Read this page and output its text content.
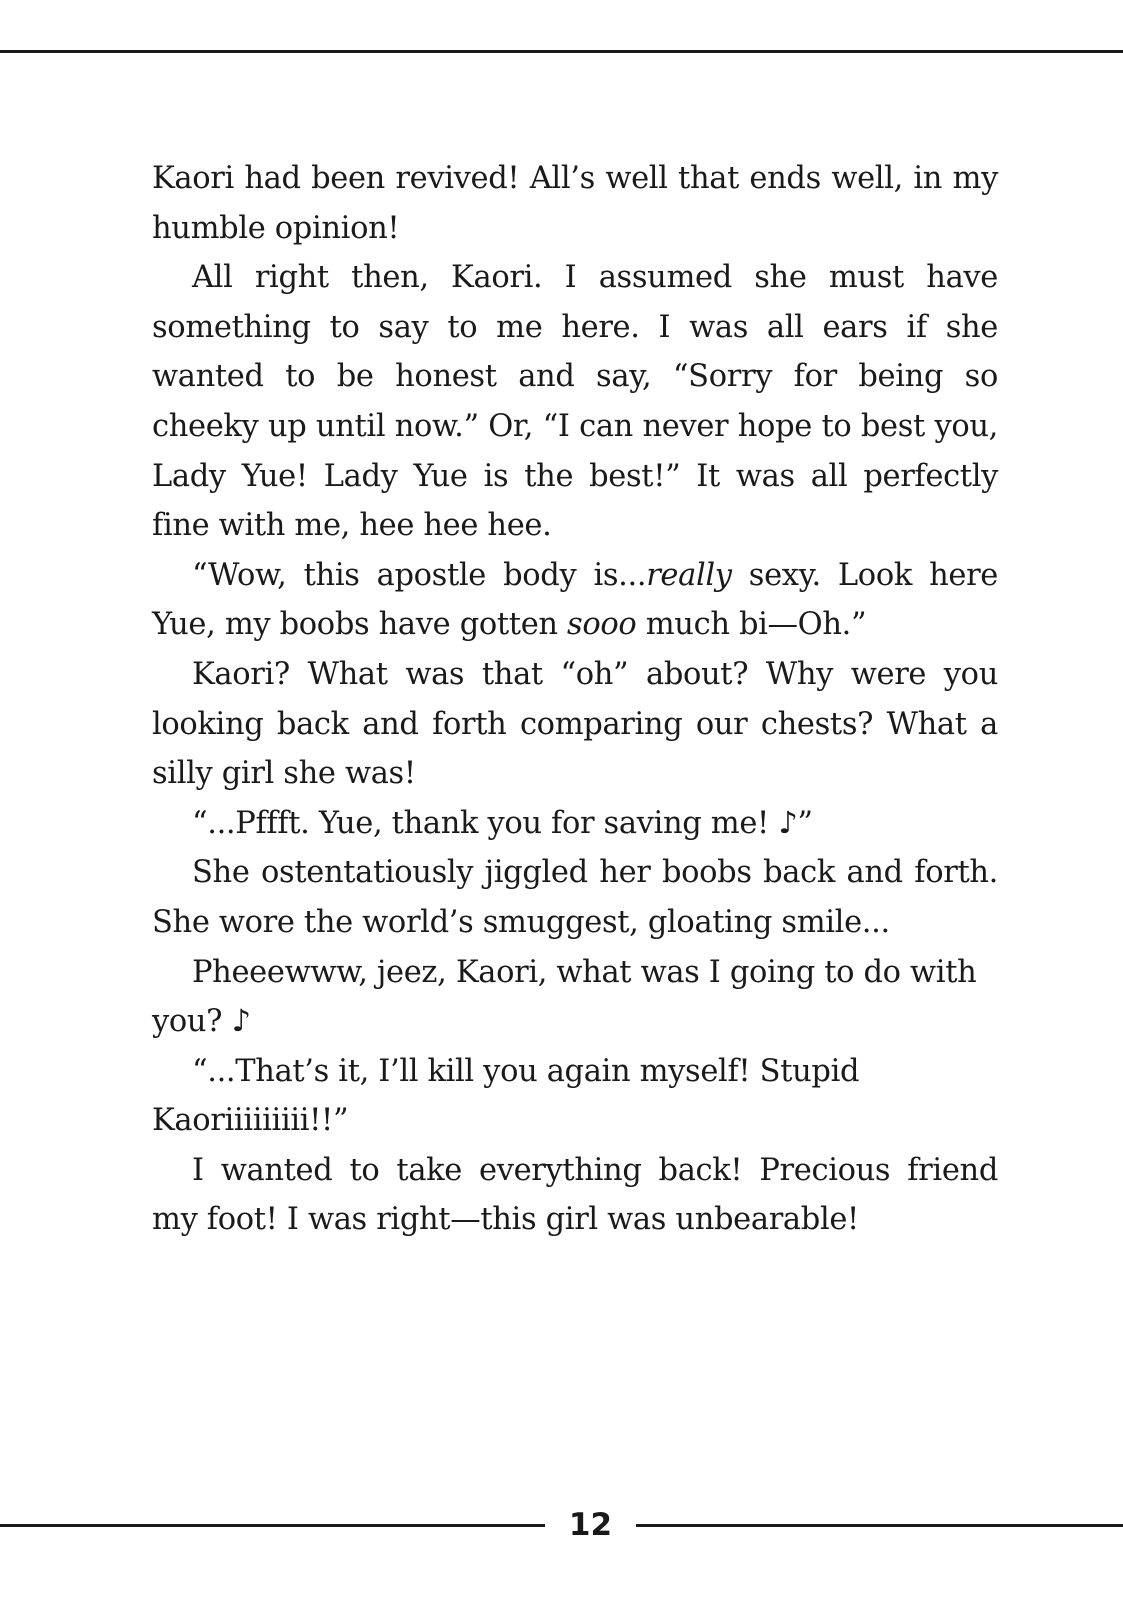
Kaori had been revived! All’s well that ends well, in my humble opinion!

All right then, Kaori. I assumed she must have something to say to me here. I was all ears if she wanted to be honest and say, “Sorry for being so cheeky up until now.” Or, “I can never hope to best you, Lady Yue! Lady Yue is the best!” It was all perfectly fine with me, hee hee hee.

“Wow, this apostle body is...really sexy. Look here Yue, my boobs have gotten sooo much bi—Oh.”

Kaori? What was that “oh” about? Why were you looking back and forth comparing our chests? What a silly girl she was!

“...Pffft. Yue, thank you for saving me! ♪”

She ostentatiously jiggled her boobs back and forth. She wore the world’s smuggest, gloating smile...

Pheeewww, jeez, Kaori, what was I going to do with you? ♪

“...That’s it, I’ll kill you again myself! Stupid Kaoriiiiiiiii!!”

I wanted to take everything back! Precious friend my foot! I was right—this girl was unbearable!

12
